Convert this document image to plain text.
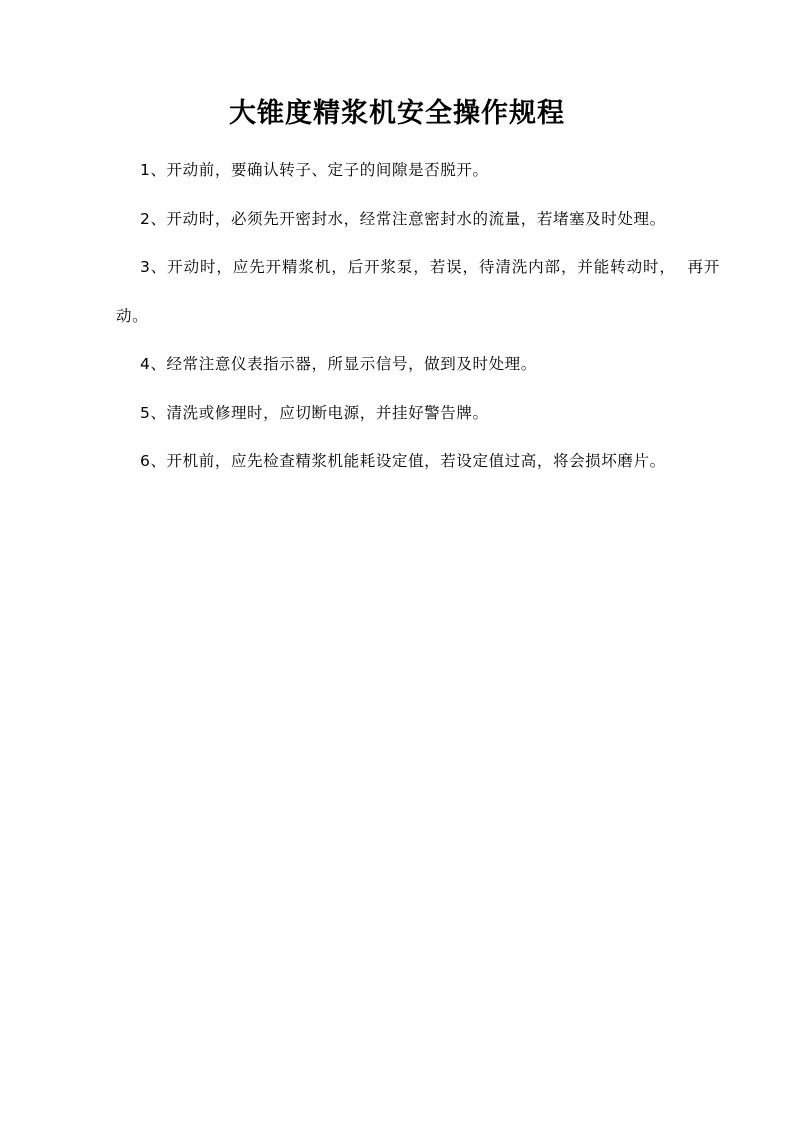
大锥度精浆机安全操作规程

1、开动前，要确认转子、定子的间隙是否脱开。

2、开动时，必须先开密封水，经常注意密封水的流量，若堵塞及时处理。

3、开动时，应先开精浆机，后开浆泵，若误，待清洗内部，并能转动时，  再开动。

4、经常注意仪表指示器，所显示信号，做到及时处理。

5、清洗或修理时，应切断电源，并挂好警告牌。

6、开机前，应先检查精浆机能耗设定值，若设定值过高，将会损坏磨片。
